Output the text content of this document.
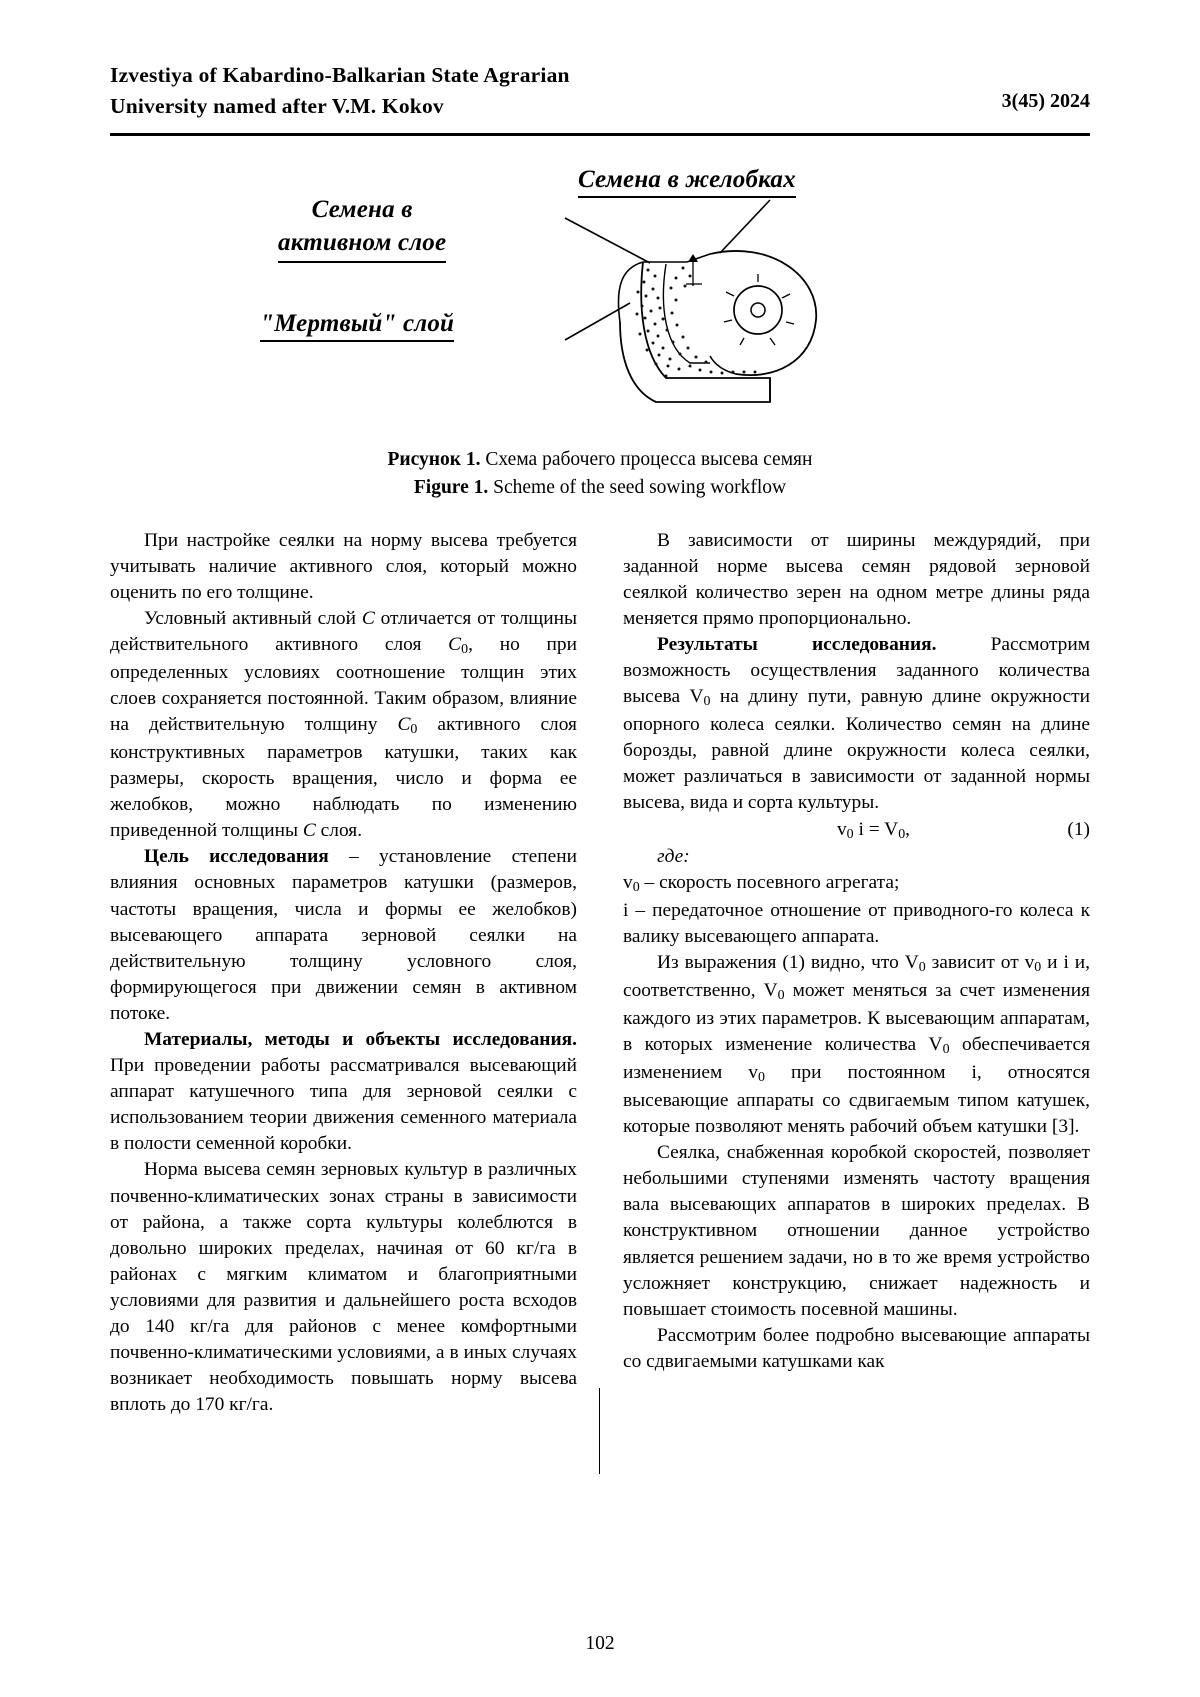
Izvestiya of Kabardino-Balkarian State Agrarian
University named after V.M. Kokov	3(45) 2024
Семена в
активном слое
Семена в желобках
"Мертвый" слой
Рисунок 1. Схема рабочего процесса высева семян
Figure 1. Scheme of the seed sowing workflow

При настройке сеялки на норму высева требуется учитывать наличие активного слоя, который можно оценить по его толщине.

Условный активный слой C отличается от толщины действительного активного слоя $C_0$, но при определенных условиях соотношение толщин этих слоев сохраняется постоянной. Таким образом, влияние на действительную толщину $C_0$ активного слоя конструктивных параметров катушки, таких как размеры, скорость вращения, число и форма ее желобков, можно наблюдать по изменению приведенной толщины C слоя.

Цель исследования – установление степени влияния основных параметров катушки (размеров, частоты вращения, числа и формы ее желобков) высевающего аппарата зерновой сеялки на действительную толщину условного слоя, формирующегося при движении семян в активном потоке.

Материалы, методы и объекты исследования. При проведении работы рассматривался высевающий аппарат катушечного типа для зерновой сеялки с использованием теории движения семенного материала в полости семенной коробки.

Норма высева семян зерновых культур в различных почвенно-климатических зонах страны в зависимости от района, а также сорта культуры колеблются в довольно широких пределах, начиная от 60 кг/га в районах с мягким климатом и благоприятными условиями для развития и дальнейшего роста всходов до 140 кг/га для районов с менее комфортными почвенно-климатическими условиями, а в иных случаях возникает необходимость повышать норму высева вплоть до 170 кг/га.

В зависимости от ширины междурядий, при заданной норме высева семян рядовой зерновой сеялкой количество зерен на одном метре длины ряда меняется прямо пропорционально.

Результаты исследования. Рассмотрим возможность осуществления заданного количества высева $V_0$ на длину пути, равную длине окружности опорного колеса сеялки. Количество семян на длине борозды, равной длине окружности колеса сеялки, может различаться в зависимости от заданной нормы высева, вида и сорта культуры.

$v_0$ $i = V_0$,	(1)

где:

$v_0$ – скорость посевного агрегата;

i – передаточное отношение от приводного-го колеса к валику высевающего аппарата.

Из выражения (1) видно, что $V_0$ зависит от $v_0$ и i и, соответственно, $V_0$ может меняться за счет изменения каждого из этих параметров. К высевающим аппаратам, в которых изменение количества $V_0$ обеспечивается изменением $v_0$ при постоянном i, относятся высевающие аппараты со сдвигаемым типом катушек, которые позволяют менять рабочий объем катушки [3].

Сеялка, снабженная коробкой скоростей, позволяет небольшими ступенями изменять частоту вращения вала высевающих аппаратов в широких пределах. В конструктивном отношении данное устройство является решением задачи, но в то же время устройство усложняет конструкцию, снижает надежность и повышает стоимость посевной машины.

Рассмотрим более подробно высевающие аппараты со сдвигаемыми катушками как

102
